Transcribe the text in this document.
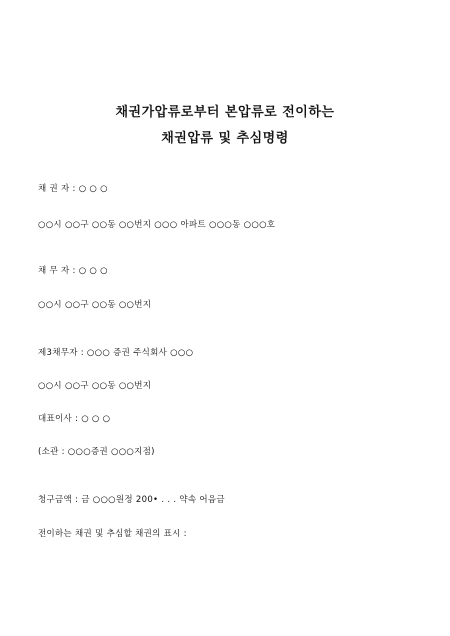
채권가압류로부터 본압류로 전이하는
채권압류 및 추심명령
채 권 자 : ○ ○ ○
○○시 ○○구 ○○동 ○○번지 ○○○ 아파트 ○○○동 ○○○호
채 무 자 : ○ ○ ○
○○시 ○○구 ○○동 ○○번지
제3채무자 : ○○○ 증권 주식회사 ○○○
○○시 ○○구 ○○동 ○○번지
대표이사 : ○ ○ ○
(소관 : ○○○증권 ○○○지점)
청구금액 : 금 ○○○원정 200• . . . 약속 어음금
전이하는 채권 및 추심할 채권의 표시 :
